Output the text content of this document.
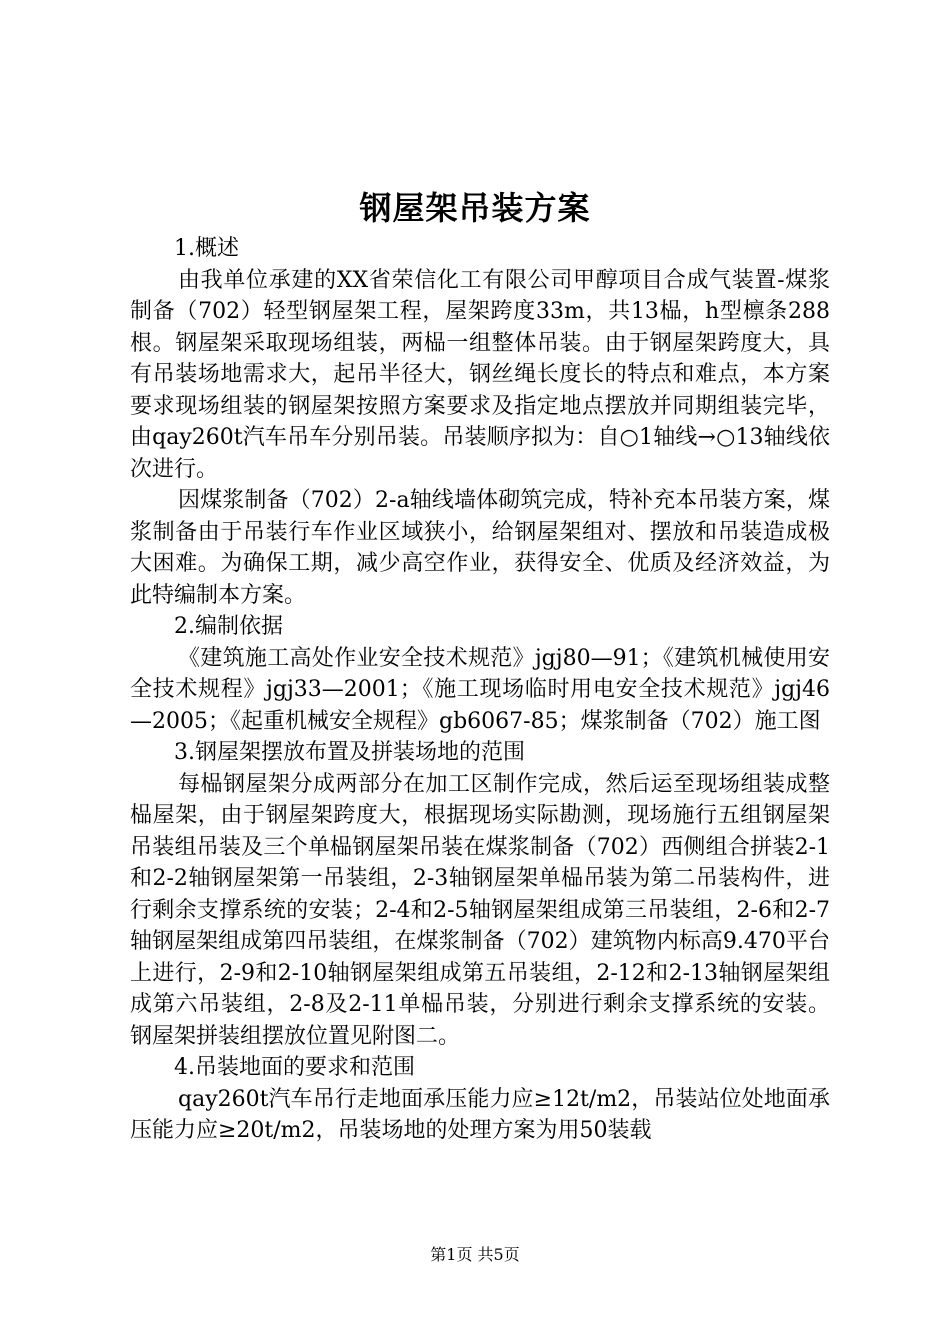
钢屋架吊装方案

1.概述

由我单位承建的XX省荣信化工有限公司甲醇项目合成气装置-煤浆制备（702）轻型钢屋架工程，屋架跨度33m，共13榀，h型檩条288根。钢屋架采取现场组装，两榀一组整体吊装。由于钢屋架跨度大，具有吊装场地需求大，起吊半径大，钢丝绳长度长的特点和难点，本方案要求现场组装的钢屋架按照方案要求及指定地点摆放并同期组装完毕，由qay260t汽车吊车分别吊装。吊装顺序拟为：自○1轴线→○13轴线依次进行。

因煤浆制备（702）2-a轴线墙体砌筑完成，特补充本吊装方案，煤浆制备由于吊装行车作业区域狭小，给钢屋架组对、摆放和吊装造成极大困难。为确保工期，减少高空作业，获得安全、优质及经济效益，为此特编制本方案。

2.编制依据

《建筑施工高处作业安全技术规范》jgj80—91；《建筑机械使用安全技术规程》jgj33—2001；《施工现场临时用电安全技术规范》jgj46—2005；《起重机械安全规程》gb6067-85；煤浆制备（702）施工图

3.钢屋架摆放布置及拼装场地的范围

每榀钢屋架分成两部分在加工区制作完成，然后运至现场组装成整榀屋架，由于钢屋架跨度大，根据现场实际勘测，现场施行五组钢屋架吊装组吊装及三个单榀钢屋架吊装在煤浆制备（702）西侧组合拼装2-1和2-2轴钢屋架第一吊装组，2-3轴钢屋架单榀吊装为第二吊装构件，进行剩余支撑系统的安装；2-4和2-5轴钢屋架组成第三吊装组，2-6和2-7轴钢屋架组成第四吊装组，在煤浆制备（702）建筑物内标高9.470平台上进行，2-9和2-10轴钢屋架组成第五吊装组，2-12和2-13轴钢屋架组成第六吊装组，2-8及2-11单榀吊装，分别进行剩余支撑系统的安装。钢屋架拼装组摆放位置见附图二。

4.吊装地面的要求和范围

qay260t汽车吊行走地面承压能力应≥12t/m2，吊装站位处地面承压能力应≥20t/m2，吊装场地的处理方案为用50装载

第1页 共5页
